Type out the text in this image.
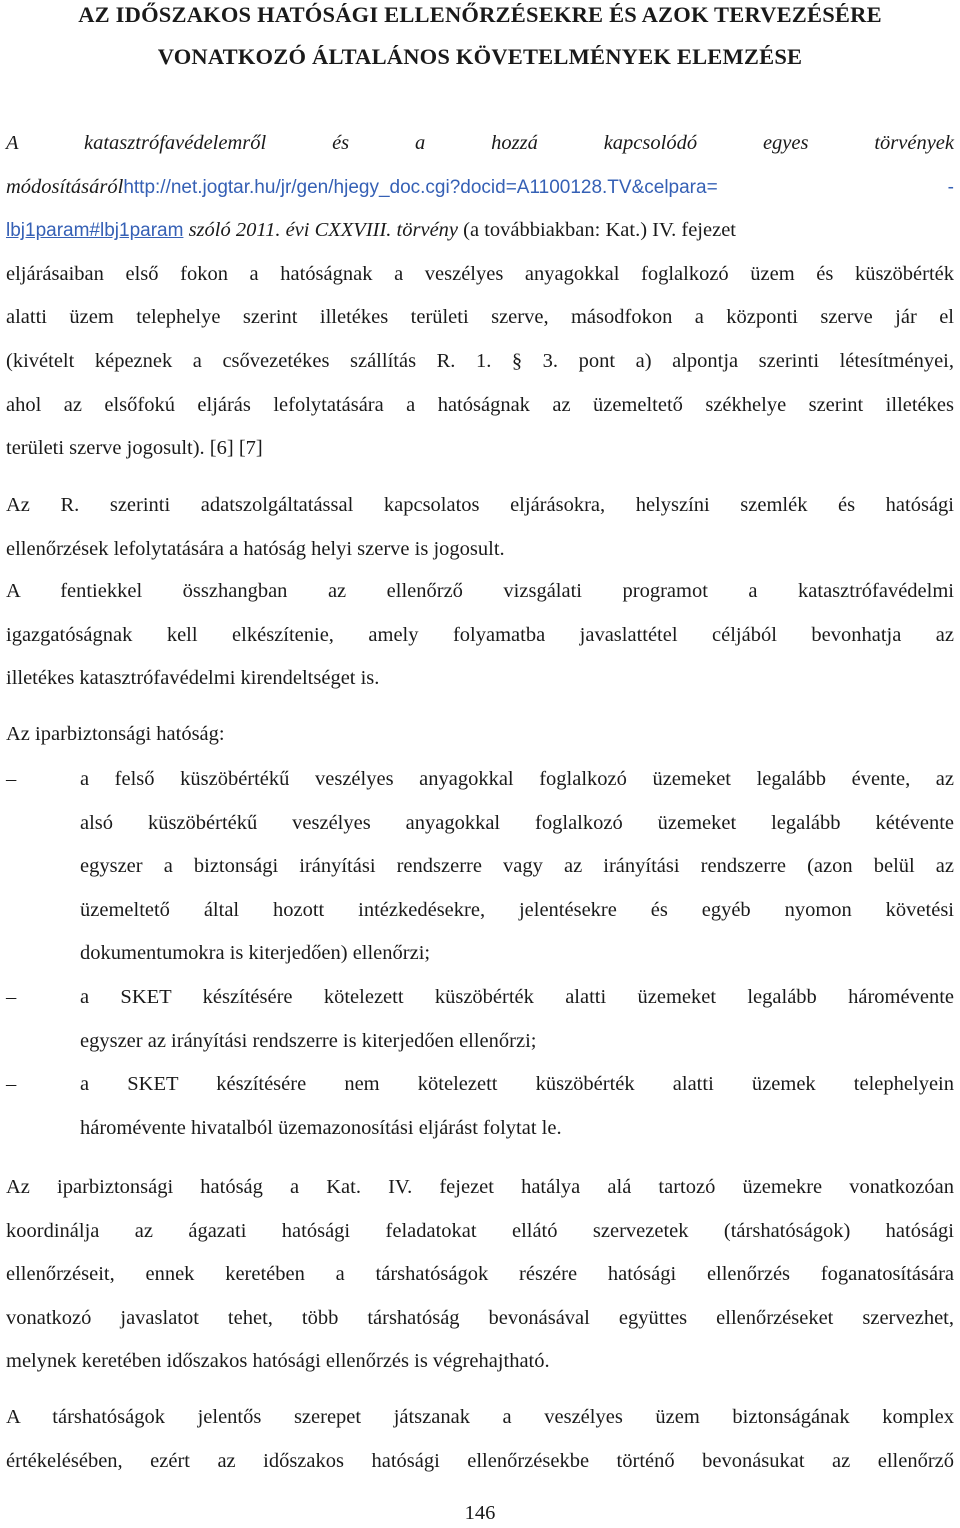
AZ IDŐSZAKOS HATÓSÁGI ELLENŐRZÉSEKRE ÉS AZOK TERVEZÉSÉRE
VONATKOZÓ ÁLTALÁNOS KÖVETELMÉNYEK ELEMZÉSE
A katasztrófavédelemről és a hozzá kapcsolódó egyes törvények
módosításárólhttp://net.jogtar.hu/jr/gen/hjegy_doc.cgi?docid=A1100128.TV&celpara=	-
lbj1param#lbj1param szóló 2011. évi CXXVIII. törvény (a továbbiakban: Kat.) IV. fejezet
eljárásaiban első fokon a hatóságnak a veszélyes anyagokkal foglalkozó üzem és küszöbérték
alatti üzem telephelye szerint illetékes területi szerve, másodfokon a központi szerve jár el
(kivételt képeznek a csővezetékes szállítás R. 1. § 3. pont a) alpontja szerinti létesítményei,
ahol az elsőfokú eljárás lefolytatására a hatóságnak az üzemeltető székhelye szerint illetékes
területi szerve jogosult). [6] [7]
Az R. szerinti adatszolgáltatással kapcsolatos eljárásokra, helyszíni szemlék és hatósági
ellenőrzések lefolytatására a hatóság helyi szerve is jogosult.
A fentiekkel összhangban az ellenőrző vizsgálati programot a katasztrófavédelmi
igazgatóságnak kell elkészítenie, amely folyamatba javaslattétel céljából bevonhatja az
illetékes katasztrófavédelmi kirendeltséget is.
Az iparbiztonsági hatóság:
–	a felső küszöbértékű veszélyes anyagokkal foglalkozó üzemeket legalább évente, az
alsó küszöbértékű veszélyes anyagokkal foglalkozó üzemeket legalább kétévente
egyszer a biztonsági irányítási rendszerre vagy az irányítási rendszerre (azon belül az
üzemeltető által hozott intézkedésekre, jelentésekre és egyéb nyomon követési
dokumentumokra is kiterjedően) ellenőrzi;
–	a SKET készítésére kötelezett küszöbérték alatti üzemeket legalább háromévente
egyszer az irányítási rendszerre is kiterjedően ellenőrzi;
–	a SKET készítésére nem kötelezett küszöbérték alatti üzemek telephelyein
háromévente hivatalból üzemazonosítási eljárást folytat le.
Az iparbiztonsági hatóság a Kat. IV. fejezet hatálya alá tartozó üzemekre vonatkozóan
koordinálja az ágazati hatósági feladatokat ellátó szervezetek (társhatóságok) hatósági
ellenőrzéseit, ennek keretében a társhatóságok részére hatósági ellenőrzés foganatosítására
vonatkozó javaslatot tehet, több társhatóság bevonásával együttes ellenőrzéseket szervezhet,
melynek keretében időszakos hatósági ellenőrzés is végrehajtható.
A társhatóságok jelentős szerepet játszanak a veszélyes üzem biztonságának komplex
értékelésében, ezért az időszakos hatósági ellenőrzésekbe történő bevonásukat az ellenőrző
146
